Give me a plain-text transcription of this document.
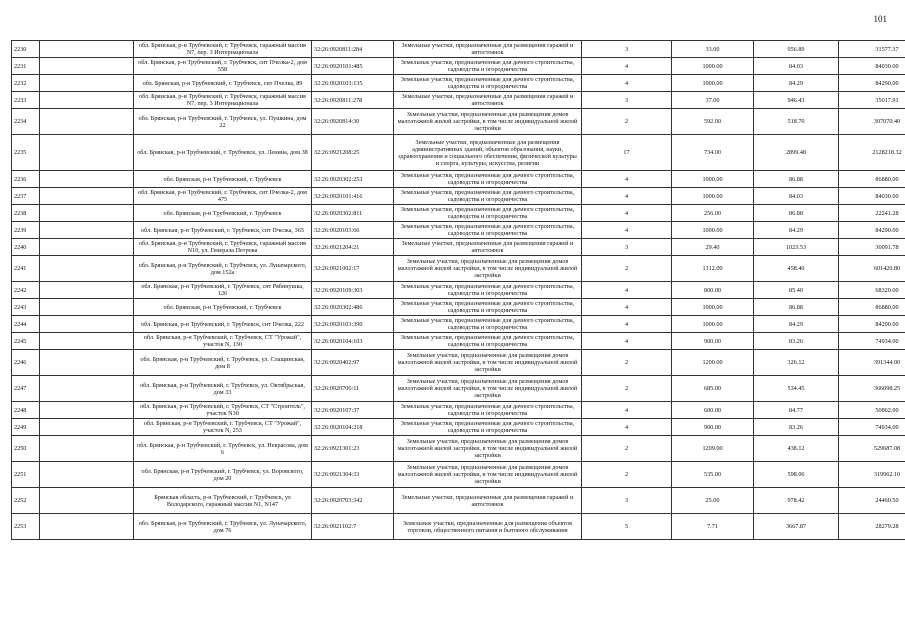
101
2230		обл. Брянская, р-н Трубчевский, г. Трубчевск, гаражный массив N7, пер. 3 Интернационала	32:26:0920811:284	Земельные участки, предназначенные для размещения гаражей и автостоянок	3	33.00	956.89	31577.37
2231		обл. Брянская, р-н Трубчевский, г. Трубчевск, снт Пчелка-2, дом 558	32:26:0920101:485	Земельные участки, предназначенные для дачного строительства, садоводства и огородничества	4	1000.00	84.03	84030.00
2232		обл. Брянская, р-н Трубчевский, г. Трубчевск, снт Пчелка, 89	32:26:0920103:135	Земельные участки, предназначенные для дачного строительства, садоводства и огородничества	4	1000.00	84.29	84290.00
2233		обл. Брянская, р-н Трубчевский, г. Трубчевск, гаражный массив N7, пер. 3 Интернационала	32:26:0920811:278	Земельные участки, предназначенные для размещения гаражей и автостоянок	3	37.00	946.43	35017.91
2234		обл. Брянская, р-н Трубчевский, г. Трубчевск, ул. Пушкина, дом 22	32:26:0920814:30	Земельные участки, предназначенные для размещения домов малоэтажной жилой застройки, в том числе индивидуальной жилой застройки	2	592.00	518.70	307070.40
2235		обл. Брянская, р-н Трубчевский, г. Трубчевск, ул. Ленина, дом 38	32:26:0921208:25	Земельные участки, предназначенные для размещения административных зданий, объектов образования, науки, здравоохранения и социального обеспечения, физической культуры и спорта, культуры, искусства, религии	17	734.00	2899.48	2128218.32
2236		обл. Брянская, р-н Трубчевский, г. Трубчевск	32:26:0920302:253	Земельные участки, предназначенные для дачного строительства, садоводства и огородничества	4	1000.00	86.88	86880.00
2237		обл. Брянская, р-н Трубчевский, г. Трубчевск, снт Пчелка-2, дом 475	32:26:0920101:416	Земельные участки, предназначенные для дачного строительства, садоводства и огородничества	4	1000.00	84.03	84030.00
2238		обл. Брянская, р-н Трубчевский, г. Трубчевск	32:26:0920302:811	Земельные участки, предназначенные для дачного строительства, садоводства и огородничества	4	256.00	86.88	22241.28
2239		обл. Брянская, р-н Трубчевский, г. Трубчевск, снт Пчелка, 365	32:26:0920103:66	Земельные участки, предназначенные для дачного строительства, садоводства и огородничества	4	1000.00	84.29	84290.00
2240		обл. Брянская, р-н Трубчевский, г. Трубчевск, гаражный массив N10, ул. Генерала Петрова	32:26:0921204:21	Земельные участки, предназначенные для размещения гаражей и автостоянок	3	29.40	1023.53	30091.78
2241		обл. Брянская, р-н Трубчевский, г. Трубчевск, ул. Луначарского, дом 152а	32:26:0921002:17	Земельные участки, предназначенные для размещения домов малоэтажной жилой застройки, в том числе индивидуальной жилой застройки	2	1312.00	458.40	601420.80
2242		обл. Брянская, р-н Трубчевский, г. Трубчевск, снт Рябинушка, 126	32:26:0920109:303	Земельные участки, предназначенные для дачного строительства, садоводства и огородничества	4	800.00	85.40	68320.00
2243		обл. Брянская, р-н Трубчевский, г. Трубчевск	32:26:0920302:486	Земельные участки, предназначенные для дачного строительства, садоводства и огородничества	4	1000.00	86.88	86880.00
2244		обл. Брянская, р-н Трубчевский, г. Трубчевск, снт Пчелка, 222	32:26:0920103:390	Земельные участки, предназначенные для дачного строительства, садоводства и огородничества	4	1000.00	84.29	84290.00
2245		обл. Брянская, р-н Трубчевский, г. Трубчевск, СТ "Урожай", участок N, 130	32:26:0920104:103	Земельные участки, предназначенные для дачного строительства, садоводства и огородничества	4	900.00	83.26	74934.00
2246		обл. Брянская, р-н Трубчевский, г. Трубчевск, ул. Слащинская, дом 8	32:26:0920402:97	Земельные участки, предназначенные для размещения домов малоэтажной жилой застройки, в том числе индивидуальной жилой застройки	2	1200.00	326.12	391344.00
2247		обл. Брянская, р-н Трубчевский, г. Трубчевск, ул. Октябрьская, дом 33	32:26:0920706:11	Земельные участки, предназначенные для размещения домов малоэтажной жилой застройки, в том числе индивидуальной жилой застройки	2	685.00	534.45	366098.25
2248		обл. Брянская, р-н Трубчевский, г. Трубчевск, СТ "Строитель", участок N30	32:26:0920107:37	Земельные участки, предназначенные для дачного строительства, садоводства и огородничества	4	600.00	84.77	50862.00
2249		обл. Брянская, р-н Трубчевский, г. Трубчевск, СТ "Урожай", участок N, 253	32:26:0920104:218	Земельные участки, предназначенные для дачного строительства, садоводства и огородничества	4	900.00	83.26	74934.00
2250		обл. Брянская, р-н Трубчевский, г. Трубчевск, ул. Некрасова, дом 6	32:26:0921301:23	Земельные участки, предназначенные для размещения домов малоэтажной жилой застройки, в том числе индивидуальной жилой застройки	2	1209.00	438.12	529687.08
2251		обл. Брянская, р-н Трубчевский, г. Трубчевск, ул. Воровского, дом 20	32:26:0921304:33	Земельные участки, предназначенные для размещения домов малоэтажной жилой застройки, в том числе индивидуальной жилой застройки	2	535.00	598.06	319962.10
2252		Брянская область, р-н Трубчевский, г. Трубчевск, ул Володарского, гаражный массив N1, N147	32:26:0920703:342	Земельные участки, предназначенные для размещения гаражей и автостоянок	3	25.00	978.42	24460.50
2253		обл. Брянская, р-н Трубчевский, г. Трубчевск, ул. Луначарского, дом 76	32:26:0921102:7	Земельные участки, предназначенные для размещения объектов торговли, общественного питания и бытового обслуживания	5	7.71	3667.87	28279.28
